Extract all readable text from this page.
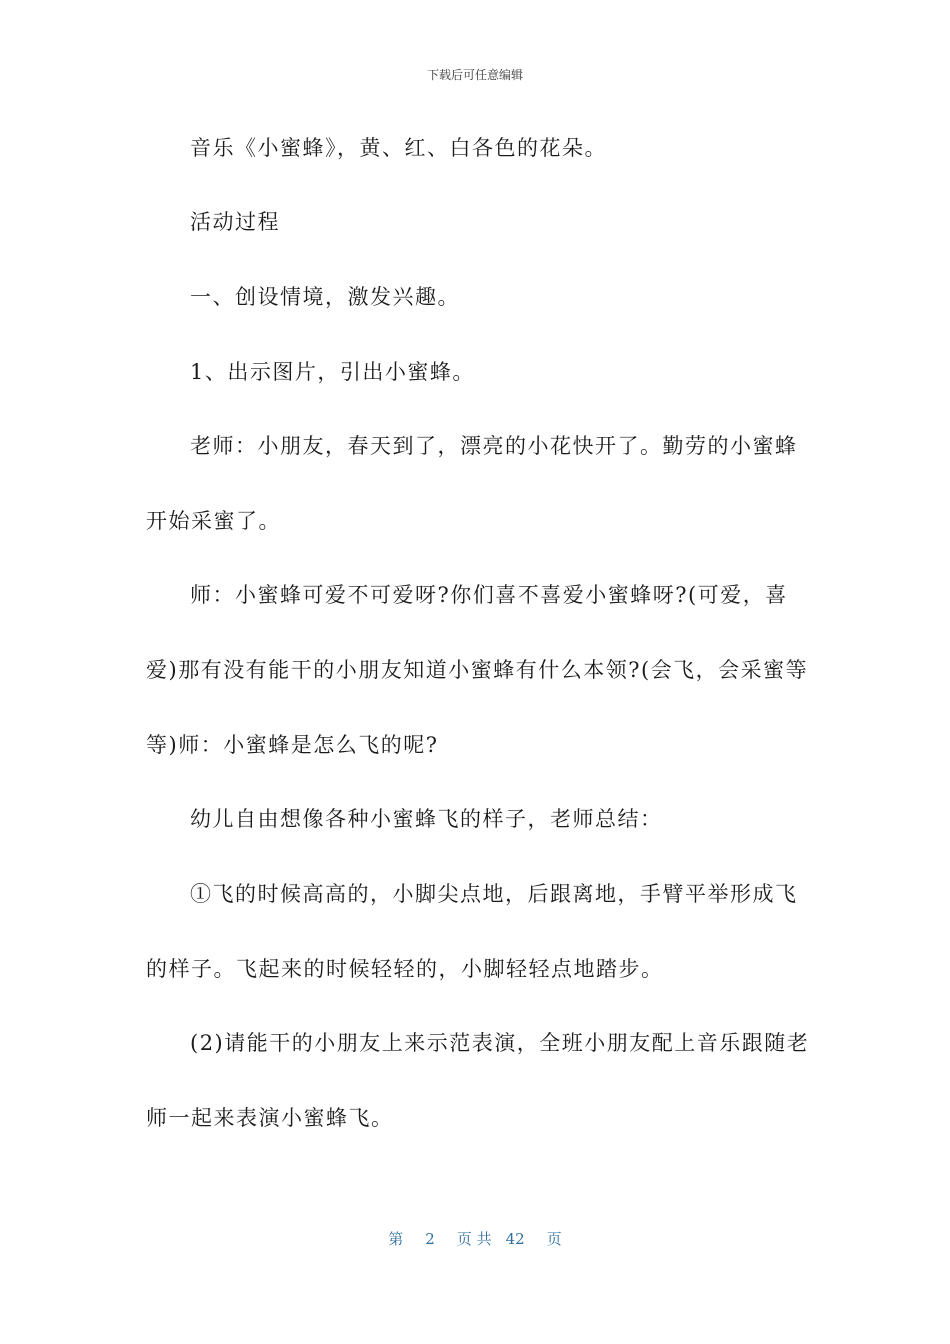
下载后可任意编辑
音乐《小蜜蜂》，黄、红、白各色的花朵。
活动过程
一、创设情境，激发兴趣。
1、出示图片，引出小蜜蜂。
老师：小朋友，春天到了，漂亮的小花快开了。勤劳的小蜜蜂
开始采蜜了。
师：小蜜蜂可爱不可爱呀?你们喜不喜爱小蜜蜂呀?(可爱，喜
爱)那有没有能干的小朋友知道小蜜蜂有什么本领?(会飞，会采蜜等
等)师：小蜜蜂是怎么飞的呢?
幼儿自由想像各种小蜜蜂飞的样子，老师总结：
①飞的时候高高的，小脚尖点地，后跟离地，手臂平举形成飞
的样子。飞起来的时候轻轻的，小脚轻轻点地踏步。
(2)请能干的小朋友上来示范表演，全班小朋友配上音乐跟随老
师一起来表演小蜜蜂飞。
第 2 页 共 42 页
